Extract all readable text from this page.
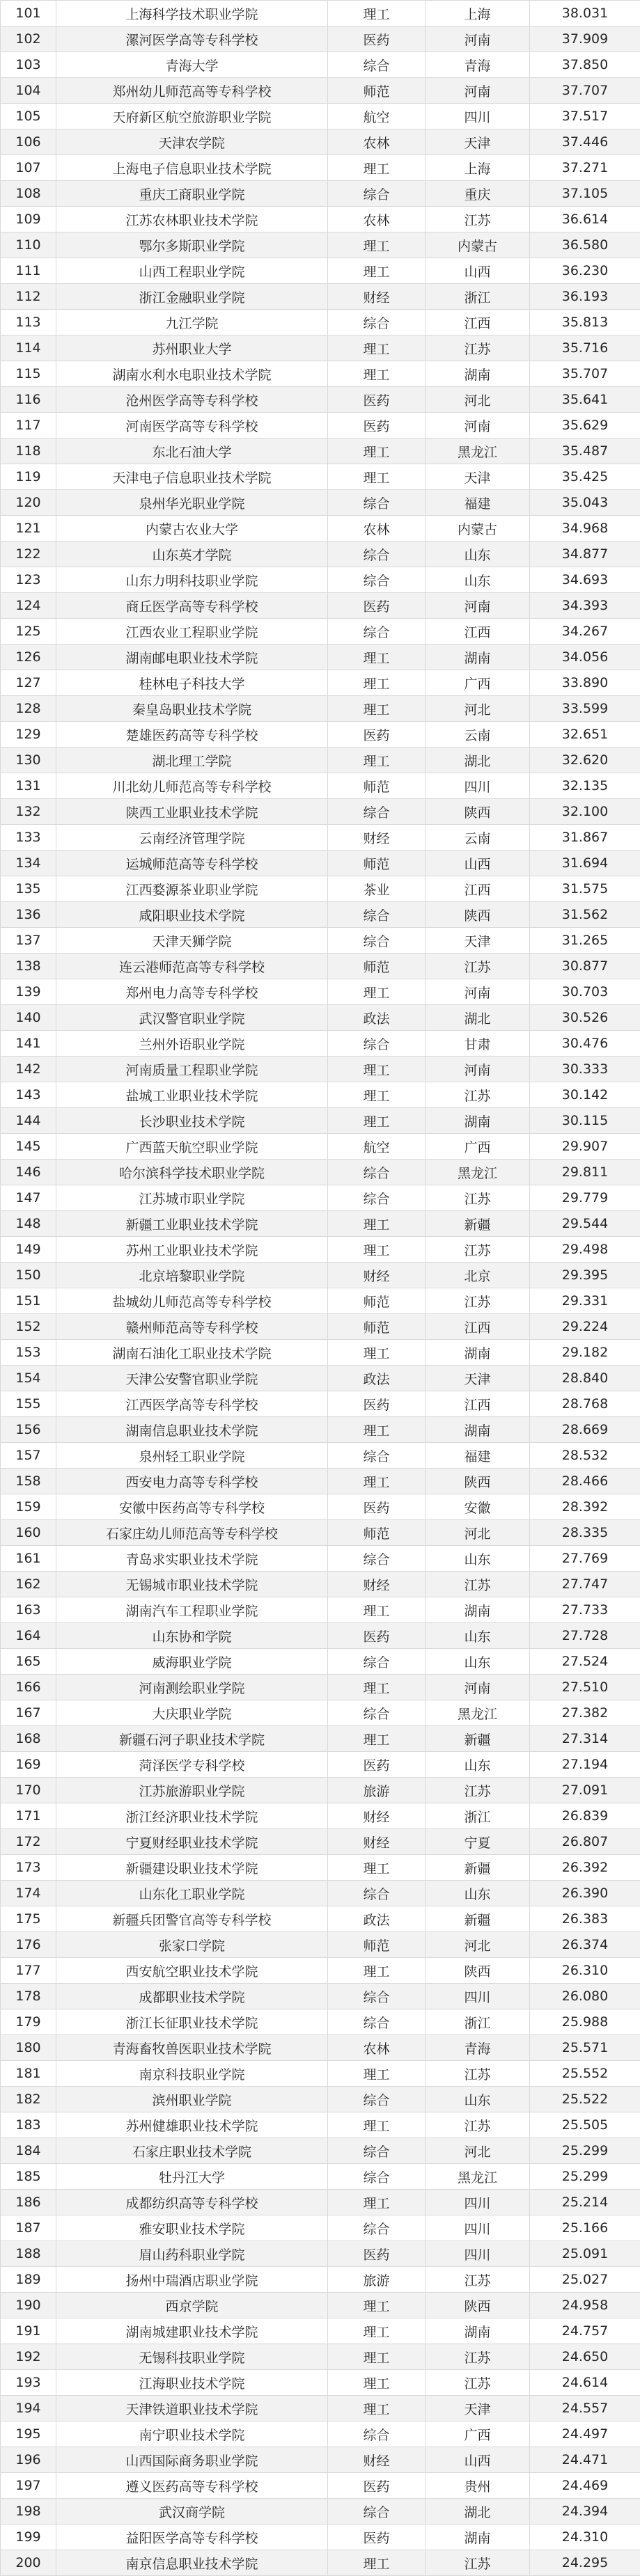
101	上海科学技术职业学院	理工	上海	38.031
102	漯河医学高等专科学校	医药	河南	37.909
103	青海大学	综合	青海	37.850
104	郑州幼儿师范高等专科学校	师范	河南	37.707
105	天府新区航空旅游职业学院	航空	四川	37.517
106	天津农学院	农林	天津	37.446
107	上海电子信息职业技术学院	理工	上海	37.271
108	重庆工商职业学院	综合	重庆	37.105
109	江苏农林职业技术学院	农林	江苏	36.614
110	鄂尔多斯职业学院	理工	内蒙古	36.580
111	山西工程职业学院	理工	山西	36.230
112	浙江金融职业学院	财经	浙江	36.193
113	九江学院	综合	江西	35.813
114	苏州职业大学	理工	江苏	35.716
115	湖南水利水电职业技术学院	理工	湖南	35.707
116	沧州医学高等专科学校	医药	河北	35.641
117	河南医学高等专科学校	医药	河南	35.629
118	东北石油大学	理工	黑龙江	35.487
119	天津电子信息职业技术学院	理工	天津	35.425
120	泉州华光职业学院	综合	福建	35.043
121	内蒙古农业大学	农林	内蒙古	34.968
122	山东英才学院	综合	山东	34.877
123	山东力明科技职业学院	综合	山东	34.693
124	商丘医学高等专科学校	医药	河南	34.393
125	江西农业工程职业学院	综合	江西	34.267
126	湖南邮电职业技术学院	理工	湖南	34.056
127	桂林电子科技大学	理工	广西	33.890
128	秦皇岛职业技术学院	理工	河北	33.599
129	楚雄医药高等专科学校	医药	云南	32.651
130	湖北理工学院	理工	湖北	32.620
131	川北幼儿师范高等专科学校	师范	四川	32.135
132	陕西工业职业技术学院	综合	陕西	32.100
133	云南经济管理学院	财经	云南	31.867
134	运城师范高等专科学校	师范	山西	31.694
135	江西婺源茶业职业学院	茶业	江西	31.575
136	咸阳职业技术学院	综合	陕西	31.562
137	天津天狮学院	综合	天津	31.265
138	连云港师范高等专科学校	师范	江苏	30.877
139	郑州电力高等专科学校	理工	河南	30.703
140	武汉警官职业学院	政法	湖北	30.526
141	兰州外语职业学院	综合	甘肃	30.476
142	河南质量工程职业学院	理工	河南	30.333
143	盐城工业职业技术学院	理工	江苏	30.142
144	长沙职业技术学院	理工	湖南	30.115
145	广西蓝天航空职业学院	航空	广西	29.907
146	哈尔滨科学技术职业学院	综合	黑龙江	29.811
147	江苏城市职业学院	综合	江苏	29.779
148	新疆工业职业技术学院	理工	新疆	29.544
149	苏州工业职业技术学院	理工	江苏	29.498
150	北京培黎职业学院	财经	北京	29.395
151	盐城幼儿师范高等专科学校	师范	江苏	29.331
152	赣州师范高等专科学校	师范	江西	29.224
153	湖南石油化工职业技术学院	理工	湖南	29.182
154	天津公安警官职业学院	政法	天津	28.840
155	江西医学高等专科学校	医药	江西	28.768
156	湖南信息职业技术学院	理工	湖南	28.669
157	泉州轻工职业学院	综合	福建	28.532
158	西安电力高等专科学校	理工	陕西	28.466
159	安徽中医药高等专科学校	医药	安徽	28.392
160	石家庄幼儿师范高等专科学校	师范	河北	28.335
161	青岛求实职业技术学院	综合	山东	27.769
162	无锡城市职业技术学院	财经	江苏	27.747
163	湖南汽车工程职业学院	理工	湖南	27.733
164	山东协和学院	医药	山东	27.728
165	威海职业学院	综合	山东	27.524
166	河南测绘职业学院	理工	河南	27.510
167	大庆职业学院	综合	黑龙江	27.382
168	新疆石河子职业技术学院	理工	新疆	27.314
169	菏泽医学专科学校	医药	山东	27.194
170	江苏旅游职业学院	旅游	江苏	27.091
171	浙江经济职业技术学院	财经	浙江	26.839
172	宁夏财经职业技术学院	财经	宁夏	26.807
173	新疆建设职业技术学院	理工	新疆	26.392
174	山东化工职业学院	综合	山东	26.390
175	新疆兵团警官高等专科学校	政法	新疆	26.383
176	张家口学院	师范	河北	26.374
177	西安航空职业技术学院	理工	陕西	26.310
178	成都职业技术学院	综合	四川	26.080
179	浙江长征职业技术学院	综合	浙江	25.988
180	青海畜牧兽医职业技术学院	农林	青海	25.571
181	南京科技职业学院	理工	江苏	25.552
182	滨州职业学院	综合	山东	25.522
183	苏州健雄职业技术学院	理工	江苏	25.505
184	石家庄职业技术学院	综合	河北	25.299
185	牡丹江大学	综合	黑龙江	25.299
186	成都纺织高等专科学校	理工	四川	25.214
187	雅安职业技术学院	综合	四川	25.166
188	眉山药科职业学院	医药	四川	25.091
189	扬州中瑞酒店职业学院	旅游	江苏	25.027
190	西京学院	理工	陕西	24.958
191	湖南城建职业技术学院	理工	湖南	24.757
192	无锡科技职业学院	理工	江苏	24.650
193	江海职业技术学院	理工	江苏	24.614
194	天津铁道职业技术学院	理工	天津	24.557
195	南宁职业技术学院	综合	广西	24.497
196	山西国际商务职业学院	财经	山西	24.471
197	遵义医药高等专科学校	医药	贵州	24.469
198	武汉商学院	综合	湖北	24.394
199	益阳医学高等专科学校	医药	湖南	24.310
200	南京信息职业技术学院	理工	江苏	24.295
